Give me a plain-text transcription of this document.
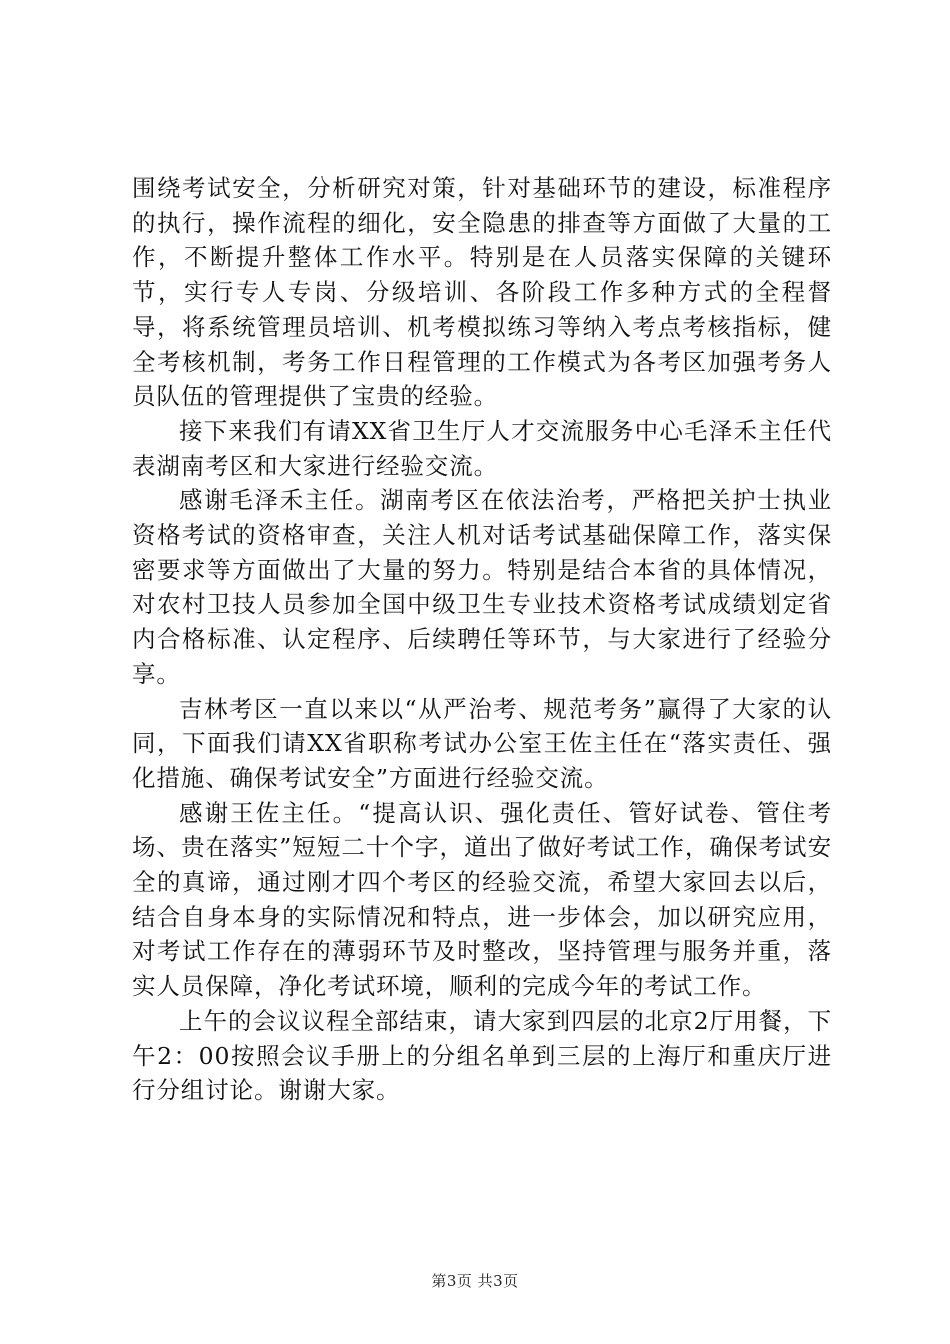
围绕考试安全，分析研究对策，针对基础环节的建设，标准程序的执行，操作流程的细化，安全隐患的排查等方面做了大量的工作，不断提升整体工作水平。特别是在人员落实保障的关键环节，实行专人专岗、分级培训、各阶段工作多种方式的全程督导，将系统管理员培训、机考模拟练习等纳入考点考核指标，健全考核机制，考务工作日程管理的工作模式为各考区加强考务人员队伍的管理提供了宝贵的经验。

接下来我们有请XX省卫生厅人才交流服务中心毛泽禾主任代表湖南考区和大家进行经验交流。

感谢毛泽禾主任。湖南考区在依法治考，严格把关护士执业资格考试的资格审查，关注人机对话考试基础保障工作，落实保密要求等方面做出了大量的努力。特别是结合本省的具体情况，对农村卫技人员参加全国中级卫生专业技术资格考试成绩划定省内合格标准、认定程序、后续聘任等环节，与大家进行了经验分享。

吉林考区一直以来以“从严治考、规范考务”赢得了大家的认同，下面我们请XX省职称考试办公室王佐主任在“落实责任、强化措施、确保考试安全”方面进行经验交流。

感谢王佐主任。“提高认识、强化责任、管好试卷、管住考场、贵在落实”短短二十个字，道出了做好考试工作，确保考试安全的真谛，通过刚才四个考区的经验交流，希望大家回去以后，结合自身本身的实际情况和特点，进一步体会，加以研究应用，对考试工作存在的薄弱环节及时整改，坚持管理与服务并重，落实人员保障，净化考试环境，顺利的完成今年的考试工作。

上午的会议议程全部结束，请大家到四层的北京2厅用餐，下午2：00按照会议手册上的分组名单到三层的上海厅和重庆厅进行分组讨论。谢谢大家。

第3页 共3页
